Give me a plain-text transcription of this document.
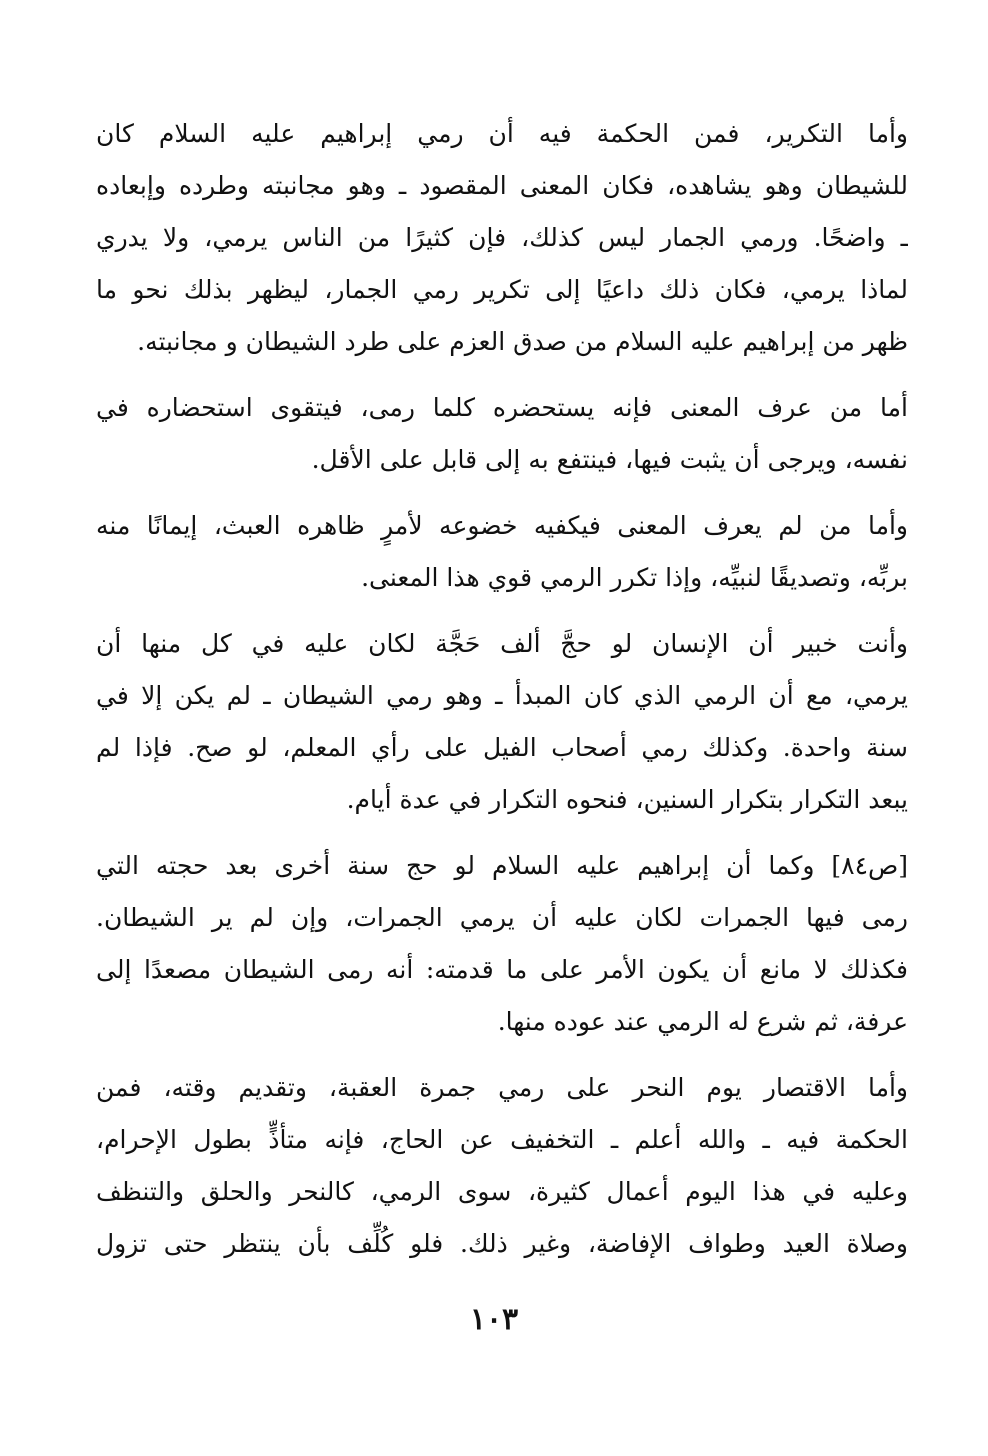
وأما التكرير، فمن الحكمة فيه أن رمي إبراهيم عليه السلام كان
للشيطان وهو يشاهده، فكان المعنى المقصود ـ وهو مجانبته وطرده وإبعاده
ـ واضحًا. ورمي الجمار ليس كذلك، فإن كثيرًا من الناس يرمي، ولا يدري
لماذا يرمي، فكان ذلك داعيًا إلى تكرير رمي الجمار، ليظهر بذلك نحو ما
ظهر من إبراهيم عليه السلام من صدق العزم على طرد الشيطان و مجانبته.
أما من عرف المعنى فإنه يستحضره كلما رمى، فيتقوى استحضاره في
نفسه، ويرجى أن يثبت فيها، فينتفع به إلى قابل على الأقل.
وأما من لم يعرف المعنى فيكفيه خضوعه لأمرٍ ظاهره العبث، إيمانًا منه
بربِّه، وتصديقًا لنبيِّه، وإذا تكرر الرمي قوي هذا المعنى.
وأنت خبير أن الإنسان لو حجَّ ألف حَجَّة لكان عليه في كل منها أن
يرمي، مع أن الرمي الذي كان المبدأ ـ وهو رمي الشيطان ـ لم يكن إلا في
سنة واحدة. وكذلك رمي أصحاب الفيل على رأي المعلم، لو صح. فإذا لم
يبعد التكرار بتكرار السنين، فنحوه التكرار في عدة أيام.
[ص٨٤] وكما أن إبراهيم عليه السلام لو حج سنة أخرى بعد حجته التي
رمى فيها الجمرات لكان عليه أن يرمي الجمرات، وإن لم ير الشيطان.
فكذلك لا مانع أن يكون الأمر على ما قدمته: أنه رمى الشيطان مصعدًا إلى
عرفة، ثم شرع له الرمي عند عوده منها.
وأما الاقتصار يوم النحر على رمي جمرة العقبة، وتقديم وقته، فمن
الحكمة فيه ـ والله أعلم ـ التخفيف عن الحاج، فإنه متأذٍّ بطول الإحرام،
وعليه في هذا اليوم أعمال كثيرة، سوى الرمي، كالنحر والحلق والتنظف
وصلاة العيد وطواف الإفاضة، وغير ذلك. فلو كُلِّف بأن ينتظر حتى تزول
١٠٣
